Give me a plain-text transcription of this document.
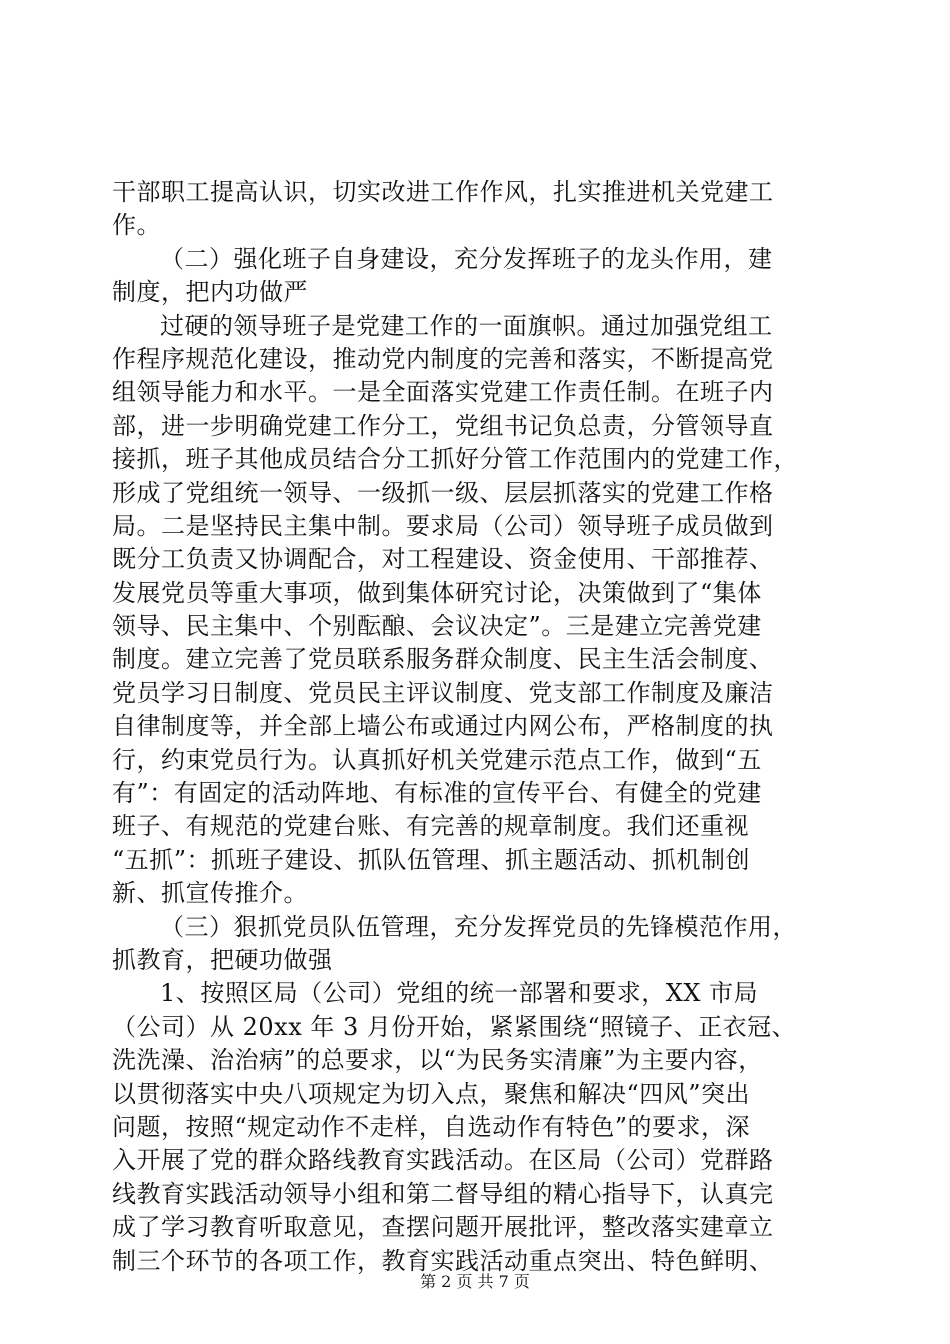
干部职工提高认识，切实改进工作作风，扎实推进机关党建工
作。
（二）强化班子自身建设，充分发挥班子的龙头作用，建
制度，把内功做严
过硬的领导班子是党建工作的一面旗帜。通过加强党组工
作程序规范化建设，推动党内制度的完善和落实，不断提高党
组领导能力和水平。一是全面落实党建工作责任制。在班子内
部，进一步明确党建工作分工，党组书记负总责，分管领导直
接抓，班子其他成员结合分工抓好分管工作范围内的党建工作，
形成了党组统一领导、一级抓一级、层层抓落实的党建工作格
局。二是坚持民主集中制。要求局（公司）领导班子成员做到
既分工负责又协调配合，对工程建设、资金使用、干部推荐、
发展党员等重大事项，做到集体研究讨论，决策做到了“集体
领导、民主集中、个别酝酿、会议决定”。三是建立完善党建
制度。建立完善了党员联系服务群众制度、民主生活会制度、
党员学习日制度、党员民主评议制度、党支部工作制度及廉洁
自律制度等，并全部上墙公布或通过内网公布，严格制度的执
行，约束党员行为。认真抓好机关党建示范点工作，做到“五
有”：有固定的活动阵地、有标准的宣传平台、有健全的党建
班子、有规范的党建台账、有完善的规章制度。我们还重视
“五抓”：抓班子建设、抓队伍管理、抓主题活动、抓机制创
新、抓宣传推介。
（三）狠抓党员队伍管理，充分发挥党员的先锋模范作用，
抓教育，把硬功做强
1、按照区局（公司）党组的统一部署和要求，XX 市局
（公司）从 20xx 年 3 月份开始，紧紧围绕“照镜子、正衣冠、
洗洗澡、治治病”的总要求，以“为民务实清廉”为主要内容，
以贯彻落实中央八项规定为切入点，聚焦和解决“四风”突出
问题，按照“规定动作不走样，自选动作有特色”的要求，深
入开展了党的群众路线教育实践活动。在区局（公司）党群路
线教育实践活动领导小组和第二督导组的精心指导下，认真完
成了学习教育听取意见，查摆问题开展批评，整改落实建章立
制三个环节的各项工作，教育实践活动重点突出、特色鲜明、
第 2 页 共 7 页
